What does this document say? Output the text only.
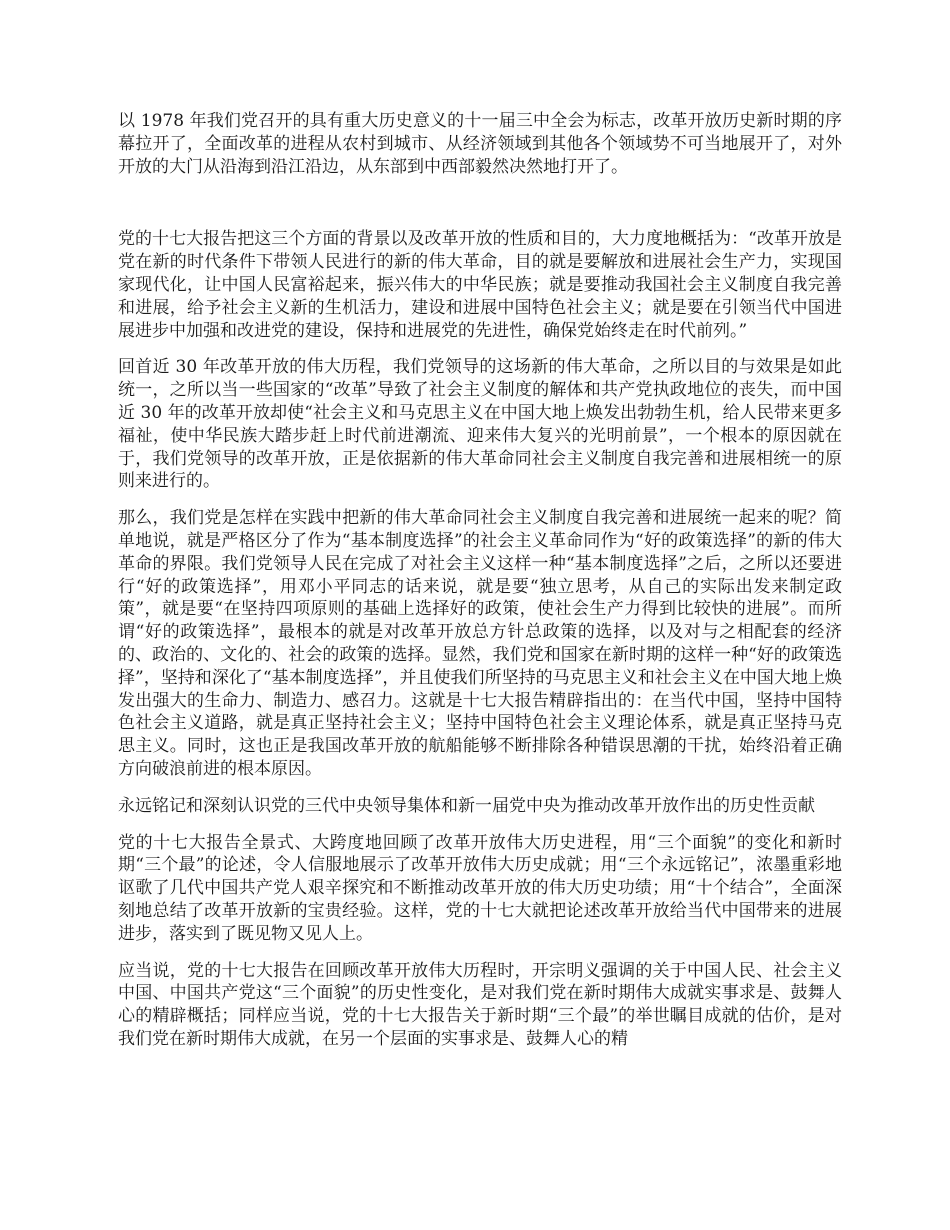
以 1978 年我们党召开的具有重大历史意义的十一届三中全会为标志，改革开放历史新时期的序幕拉开了，全面改革的进程从农村到城市、从经济领域到其他各个领域势不可当地展开了，对外开放的大门从沿海到沿江沿边，从东部到中西部毅然决然地打开了。

党的十七大报告把这三个方面的背景以及改革开放的性质和目的，大力度地概括为：“改革开放是党在新的时代条件下带领人民进行的新的伟大革命，目的就是要解放和进展社会生产力，实现国家现代化，让中国人民富裕起来，振兴伟大的中华民族；就是要推动我国社会主义制度自我完善和进展，给予社会主义新的生机活力，建设和进展中国特色社会主义；就是要在引领当代中国进展进步中加强和改进党的建设，保持和进展党的先进性，确保党始终走在时代前列。”

回首近 30 年改革开放的伟大历程，我们党领导的这场新的伟大革命，之所以目的与效果是如此统一，之所以当一些国家的“改革”导致了社会主义制度的解体和共产党执政地位的丧失，而中国近 30 年的改革开放却使“社会主义和马克思主义在中国大地上焕发出勃勃生机，给人民带来更多福祉，使中华民族大踏步赶上时代前进潮流、迎来伟大复兴的光明前景”，一个根本的原因就在于，我们党领导的改革开放，正是依据新的伟大革命同社会主义制度自我完善和进展相统一的原则来进行的。

那么，我们党是怎样在实践中把新的伟大革命同社会主义制度自我完善和进展统一起来的呢？简单地说，就是严格区分了作为“基本制度选择”的社会主义革命同作为“好的政策选择”的新的伟大革命的界限。我们党领导人民在完成了对社会主义这样一种“基本制度选择”之后，之所以还要进行“好的政策选择”，用邓小平同志的话来说，就是要“独立思考，从自己的实际出发来制定政策”，就是要“在坚持四项原则的基础上选择好的政策，使社会生产力得到比较快的进展”。而所谓“好的政策选择”，最根本的就是对改革开放总方针总政策的选择，以及对与之相配套的经济的、政治的、文化的、社会的政策的选择。显然，我们党和国家在新时期的这样一种“好的政策选择”，坚持和深化了“基本制度选择”，并且使我们所坚持的马克思主义和社会主义在中国大地上焕发出强大的生命力、制造力、感召力。这就是十七大报告精辟指出的：在当代中国，坚持中国特色社会主义道路，就是真正坚持社会主义；坚持中国特色社会主义理论体系，就是真正坚持马克思主义。同时，这也正是我国改革开放的航船能够不断排除各种错误思潮的干扰，始终沿着正确方向破浪前进的根本原因。

永远铭记和深刻认识党的三代中央领导集体和新一届党中央为推动改革开放作出的历史性贡献

党的十七大报告全景式、大跨度地回顾了改革开放伟大历史进程，用“三个面貌”的变化和新时期“三个最”的论述，令人信服地展示了改革开放伟大历史成就；用“三个永远铭记”，浓墨重彩地讴歌了几代中国共产党人艰辛探究和不断推动改革开放的伟大历史功绩；用“十个结合”，全面深刻地总结了改革开放新的宝贵经验。这样，党的十七大就把论述改革开放给当代中国带来的进展进步，落实到了既见物又见人上。

应当说，党的十七大报告在回顾改革开放伟大历程时，开宗明义强调的关于中国人民、社会主义中国、中国共产党这“三个面貌”的历史性变化，是对我们党在新时期伟大成就实事求是、鼓舞人心的精辟概括；同样应当说，党的十七大报告关于新时期“三个最”的举世瞩目成就的估价，是对我们党在新时期伟大成就，在另一个层面的实事求是、鼓舞人心的精
